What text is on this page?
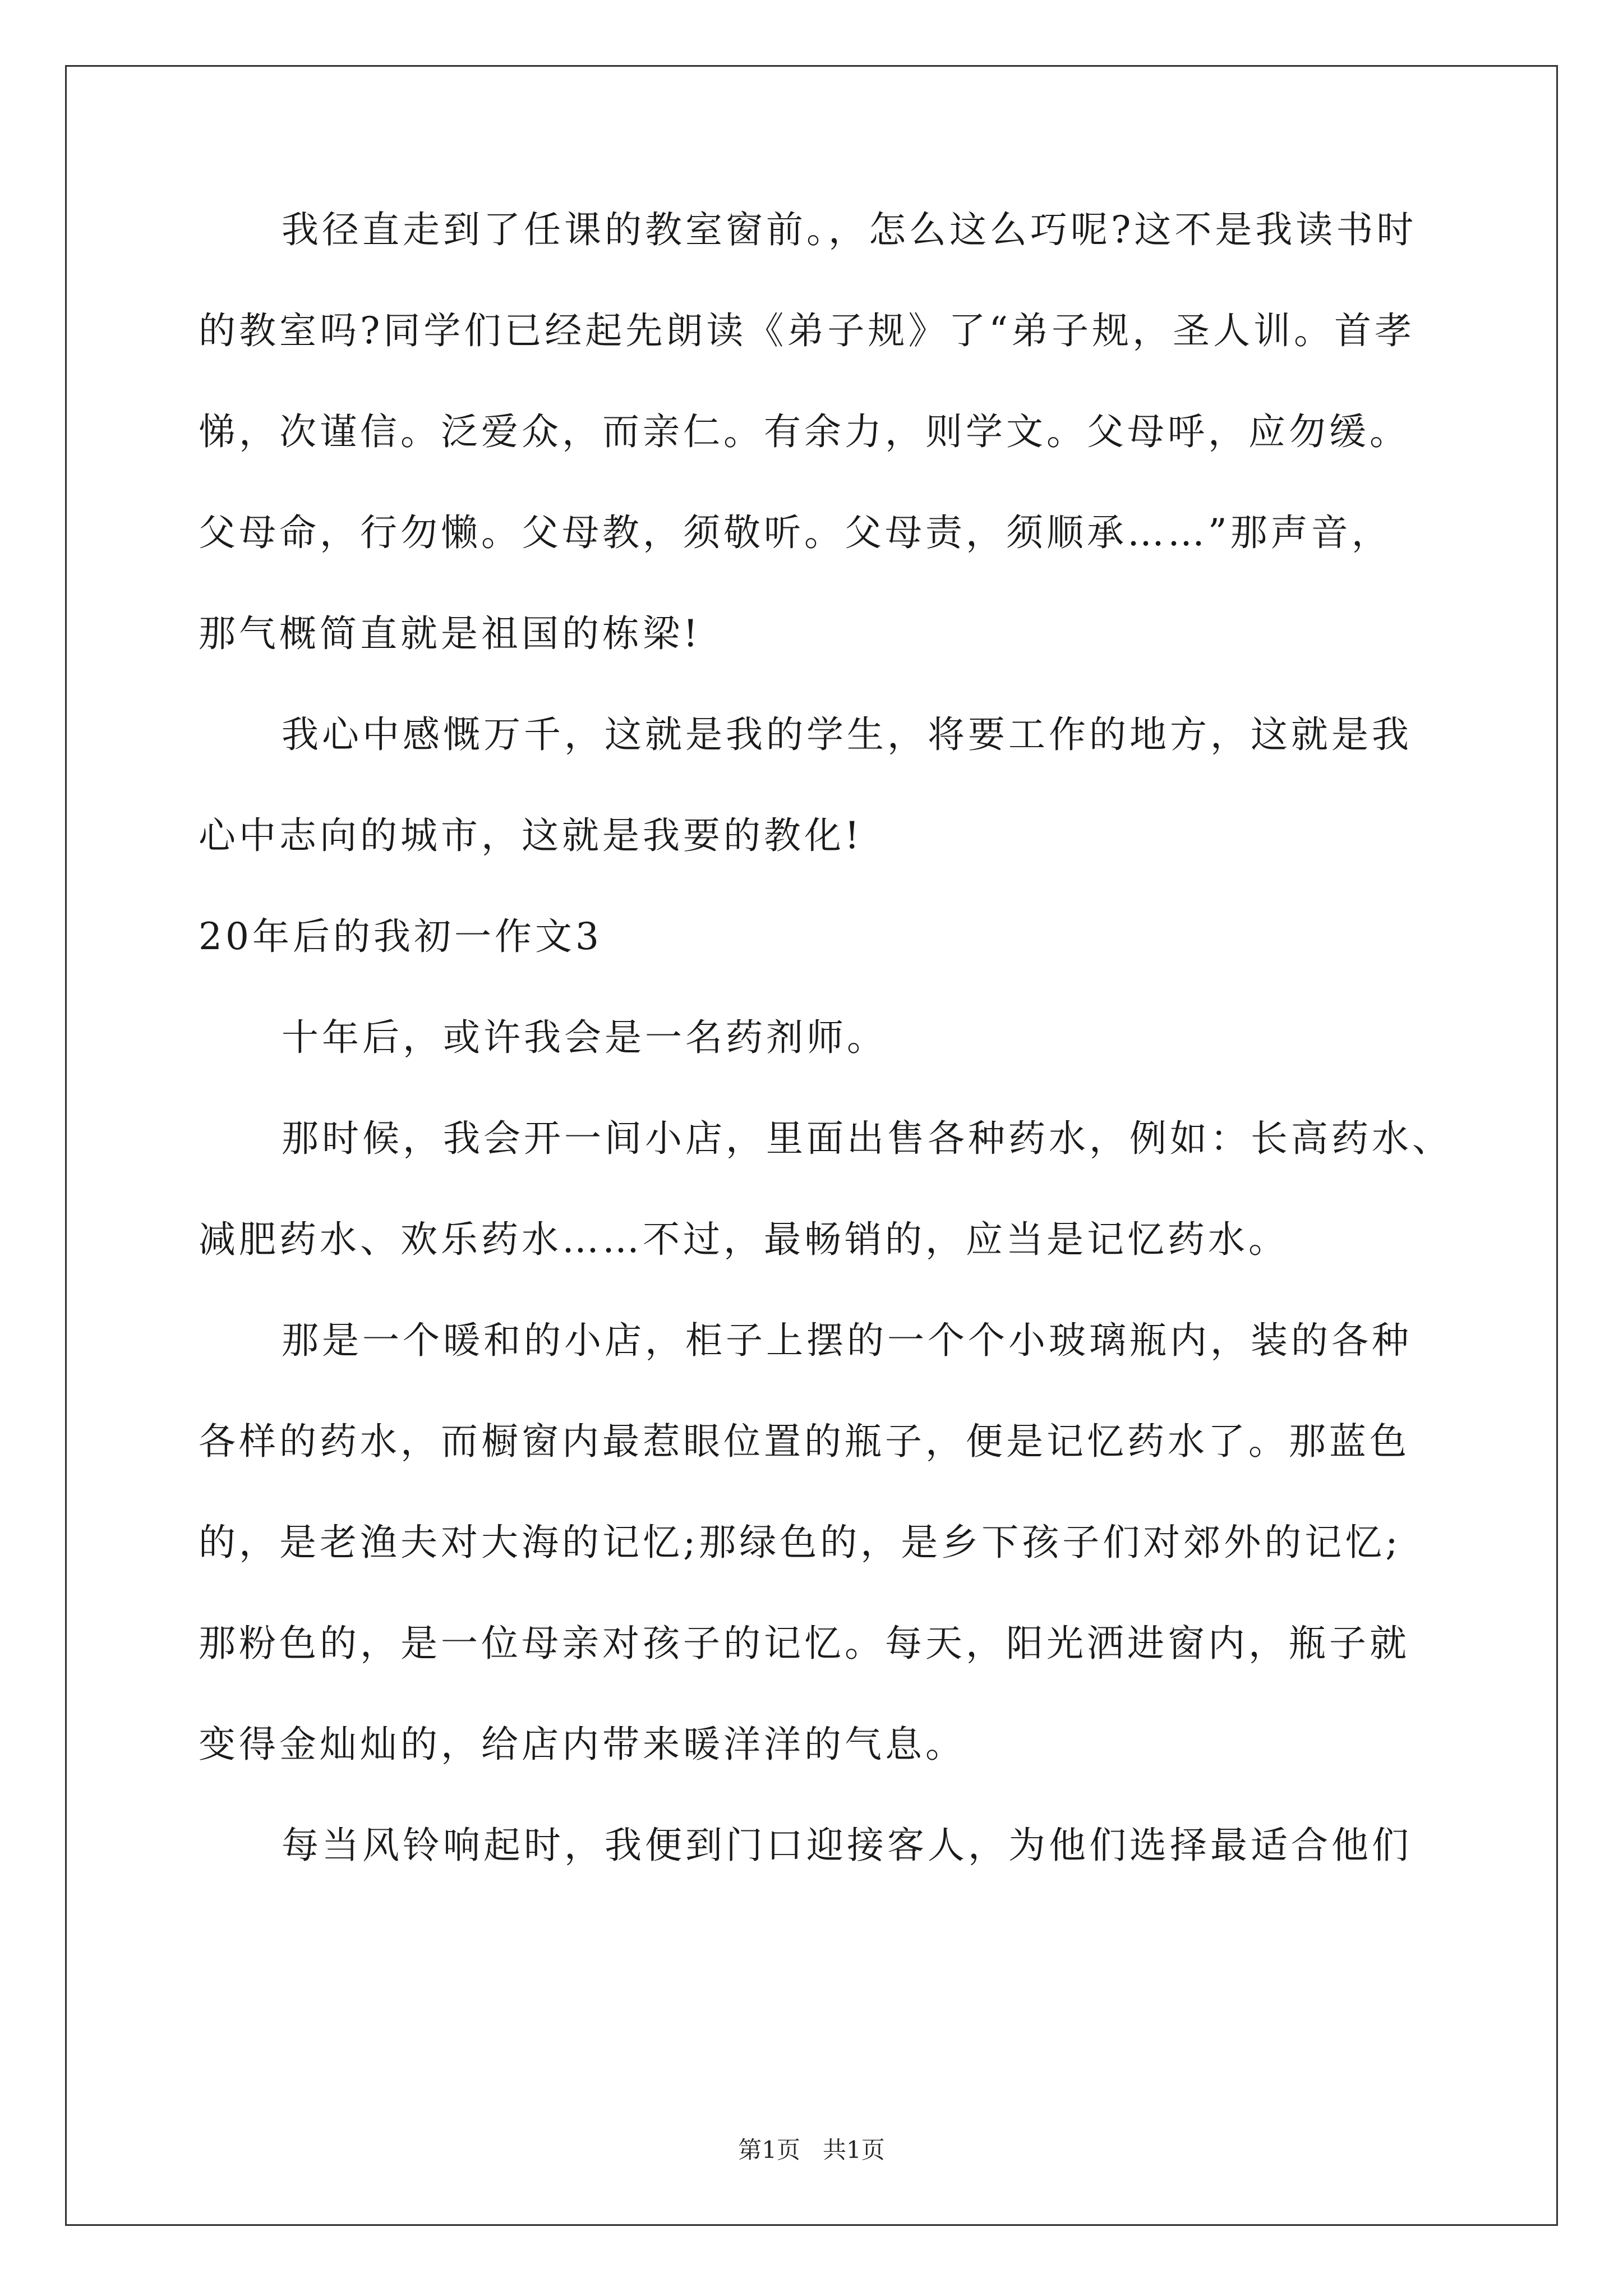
我径直走到了任课的教室窗前。，怎么这么巧呢?这不是我读书时
的教室吗?同学们已经起先朗读《弟子规》了“弟子规，圣人训。首孝
悌，次谨信。泛爱众，而亲仁。有余力，则学文。父母呼，应勿缓。
父母命，行勿懒。父母教，须敬听。父母责，须顺承……”那声音，
那气概简直就是祖国的栋梁!
我心中感慨万千，这就是我的学生，将要工作的地方，这就是我
心中志向的城市，这就是我要的教化!
20年后的我初一作文3
十年后，或许我会是一名药剂师。
那时候，我会开一间小店，里面出售各种药水，例如：长高药水、
减肥药水、欢乐药水……不过，最畅销的，应当是记忆药水。
那是一个暖和的小店，柜子上摆的一个个小玻璃瓶内，装的各种
各样的药水，而橱窗内最惹眼位置的瓶子，便是记忆药水了。那蓝色
的，是老渔夫对大海的记忆;那绿色的，是乡下孩子们对郊外的记忆;
那粉色的，是一位母亲对孩子的记忆。每天，阳光洒进窗内，瓶子就
变得金灿灿的，给店内带来暖洋洋的气息。
每当风铃响起时，我便到门口迎接客人，为他们选择最适合他们
第1页 共1页
